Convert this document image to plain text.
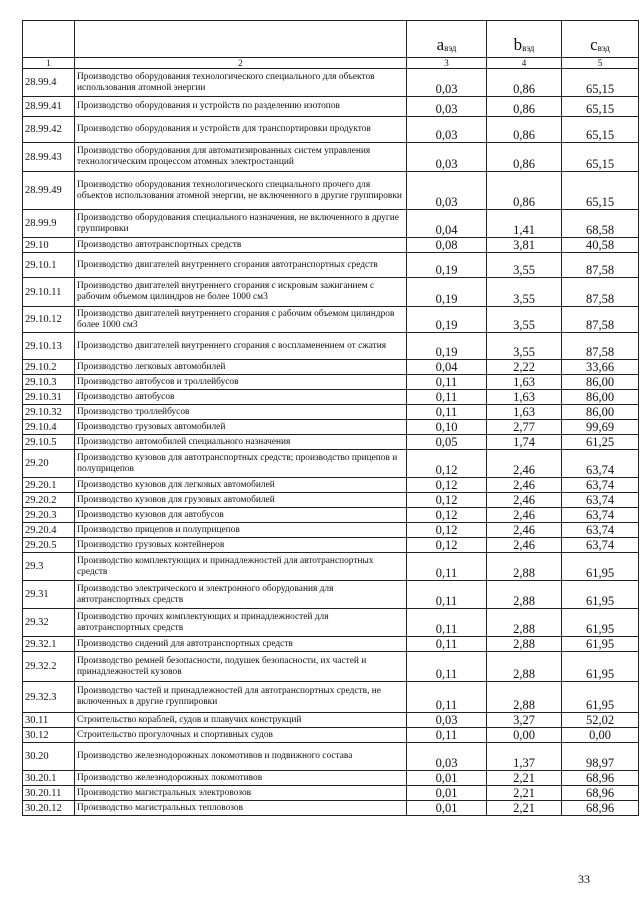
		$a_{вэд}$	$b_{вэд}$	$c_{вэд}$
1	2	3	4	5
28.99.4	Производство оборудования технологического специального для объектов использования атомной энергии	0,03	0,86	65,15
28.99.41	Производство оборудования и устройств по разделению изотопов	0,03	0,86	65,15
28.99.42	Производство оборудования и устройств для транспортировки продуктов	0,03	0,86	65,15
28.99.43	Производство оборудования для автоматизированных систем управления технологическим процессом атомных электростанций	0,03	0,86	65,15
28.99.49	Производство оборудования технологического специального прочего для объектов использования атомной энергии, не включенного в другие группировки	0,03	0,86	65,15
28.99.9	Производство оборудования специального назначения, не включенного в другие группировки	0,04	1,41	68,58
29.10	Производство автотранспортных средств	0,08	3,81	40,58
29.10.1	Производство двигателей внутреннего сгорания автотранспортных средств	0,19	3,55	87,58
29.10.11	Производство двигателей внутреннего сгорания с искровым зажиганием с рабочим объемом цилиндров не более 1000 см3	0,19	3,55	87,58
29.10.12	Производство двигателей внутреннего сгорания с рабочим объемом цилиндров более 1000 см3	0,19	3,55	87,58
29.10.13	Производство двигателей внутреннего сгорания с воспламенением от сжатия	0,19	3,55	87,58
29.10.2	Производство легковых автомобилей	0,04	2,22	33,66
29.10.3	Производство автобусов и троллейбусов	0,11	1,63	86,00
29.10.31	Производство автобусов	0,11	1,63	86,00
29.10.32	Производство троллейбусов	0,11	1,63	86,00
29.10.4	Производство грузовых автомобилей	0,10	2,77	99,69
29.10.5	Производство автомобилей специального назначения	0,05	1,74	61,25
29.20	Производство кузовов для автотранспортных средств; производство прицепов и полуприцепов	0,12	2,46	63,74
29.20.1	Производство кузовов для легковых автомобилей	0,12	2,46	63,74
29.20.2	Производство кузовов для грузовых автомобилей	0,12	2,46	63,74
29.20.3	Производство кузовов для автобусов	0,12	2,46	63,74
29.20.4	Производство прицепов и полуприцепов	0,12	2,46	63,74
29.20.5	Производство грузовых контейнеров	0,12	2,46	63,74
29.3	Производство комплектующих и принадлежностей для автотранспортных средств	0,11	2,88	61,95
29.31	Производство электрического и электронного оборудования для автотранспортных средств	0,11	2,88	61,95
29.32	Производство прочих комплектующих и принадлежностей для автотранспортных средств	0,11	2,88	61,95
29.32.1	Производство сидений для автотранспортных средств	0,11	2,88	61,95
29.32.2	Производство ремней безопасности, подушек безопасности, их частей и принадлежностей кузовов	0,11	2,88	61,95
29.32.3	Производство частей и принадлежностей для автотранспортных средств, не включенных в другие группировки	0,11	2,88	61,95
30.11	Строительство кораблей, судов и плавучих конструкций	0,03	3,27	52,02
30.12	Строительство прогулочных и спортивных судов	0,11	0,00	0,00
30.20	Производство железнодорожных локомотивов и подвижного состава	0,03	1,37	98,97
30.20.1	Производство железнодорожных локомотивов	0,01	2,21	68,96
30.20.11	Производство магистральных электровозов	0,01	2,21	68,96
30.20.12	Производство магистральных тепловозов	0,01	2,21	68,96
33
